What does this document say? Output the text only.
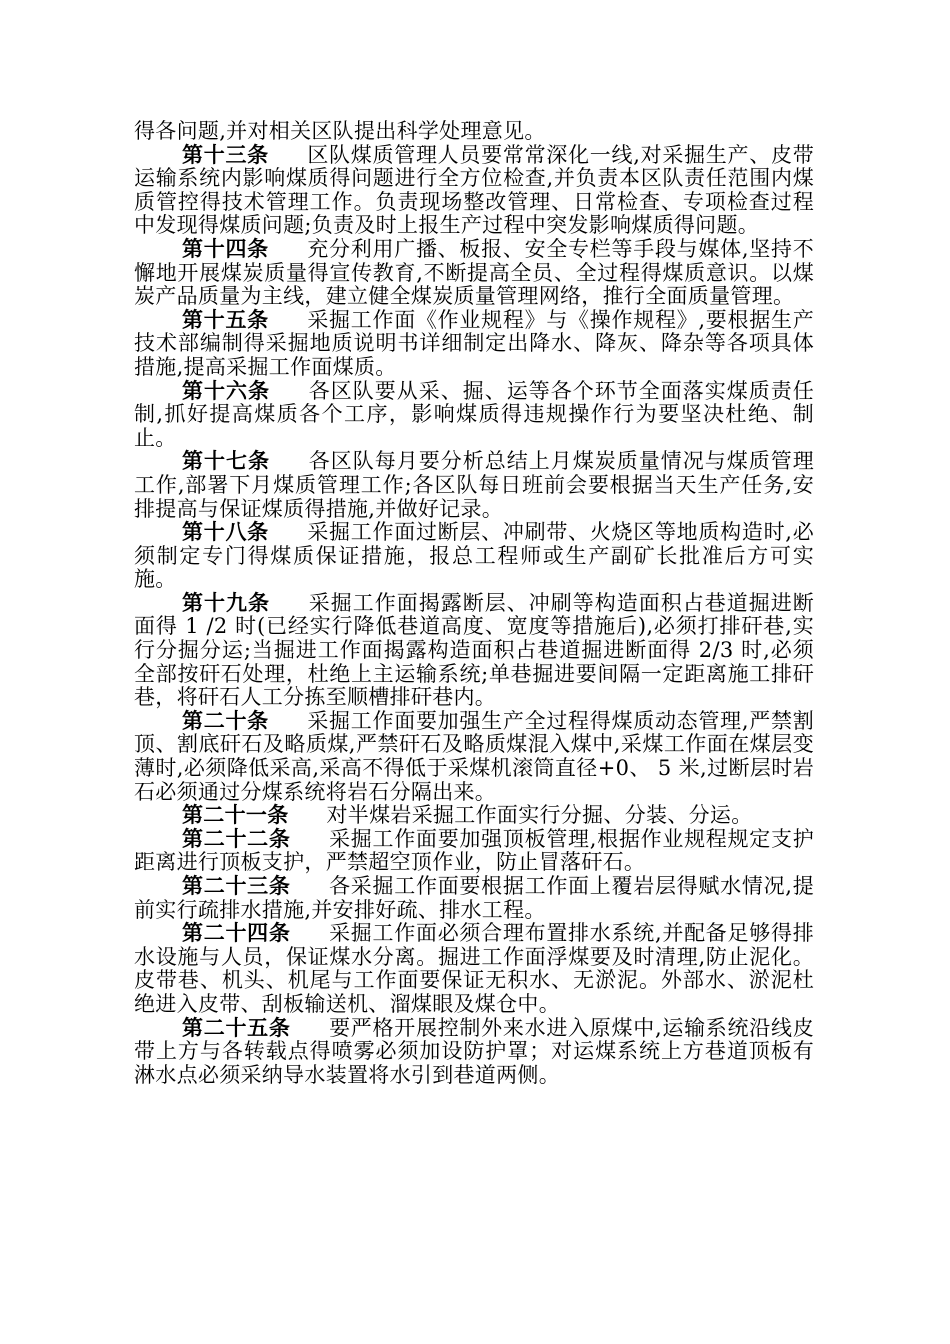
得各问题,并对相关区队提出科学处理意见。

第十三条 区队煤质管理人员要常常深化一线,对采掘生产、皮带运输系统内影响煤质得问题进行全方位检查,并负责本区队责任范围内煤质管控得技术管理工作。负责现场整改管理、日常检查、专项检查过程中发现得煤质问题;负责及时上报生产过程中突发影响煤质得问题。

第十四条 充分利用广播、板报、安全专栏等手段与媒体,坚持不懈地开展煤炭质量得宣传教育,不断提高全员、全过程得煤质意识。以煤炭产品质量为主线，建立健全煤炭质量管理网络，推行全面质量管理。

第十五条 采掘工作面《作业规程》与《操作规程》,要根据生产技术部编制得采掘地质说明书详细制定出降水、降灰、降杂等各项具体措施,提高采掘工作面煤质。

第十六条 各区队要从采、掘、运等各个环节全面落实煤质责任制,抓好提高煤质各个工序，影响煤质得违规操作行为要坚决杜绝、制止。

第十七条 各区队每月要分析总结上月煤炭质量情况与煤质管理工作,部署下月煤质管理工作;各区队每日班前会要根据当天生产任务,安排提高与保证煤质得措施,并做好记录。

第十八条 采掘工作面过断层、冲刷带、火烧区等地质构造时,必须制定专门得煤质保证措施，报总工程师或生产副矿长批准后方可实施。

第十九条 采掘工作面揭露断层、冲刷等构造面积占巷道掘进断面得 1 /2 时(已经实行降低巷道高度、宽度等措施后),必须打排矸巷,实行分掘分运;当掘进工作面揭露构造面积占巷道掘进断面得 2/3 时,必须全部按矸石处理，杜绝上主运输系统;单巷掘进要间隔一定距离施工排矸巷，将矸石人工分拣至顺槽排矸巷内。

第二十条 采掘工作面要加强生产全过程得煤质动态管理,严禁割顶、割底矸石及略质煤,严禁矸石及略质煤混入煤中,采煤工作面在煤层变薄时,必须降低采高,采高不得低于采煤机滚筒直径+0、 5 米,过断层时岩石必须通过分煤系统将岩石分隔出来。

第二十一条 对半煤岩采掘工作面实行分掘、分装、分运。

第二十二条 采掘工作面要加强顶板管理,根据作业规程规定支护距离进行顶板支护，严禁超空顶作业，防止冒落矸石。

第二十三条 各采掘工作面要根据工作面上覆岩层得赋水情况,提前实行疏排水措施,并安排好疏、排水工程。

第二十四条 采掘工作面必须合理布置排水系统,并配备足够得排水设施与人员，保证煤水分离。掘进工作面浮煤要及时清理,防止泥化。皮带巷、机头、机尾与工作面要保证无积水、无淤泥。外部水、淤泥杜绝进入皮带、刮板输送机、溜煤眼及煤仓中。

第二十五条 要严格开展控制外来水进入原煤中,运输系统沿线皮带上方与各转载点得喷雾必须加设防护罩；对运煤系统上方巷道顶板有淋水点必须采纳导水装置将水引到巷道两侧。
